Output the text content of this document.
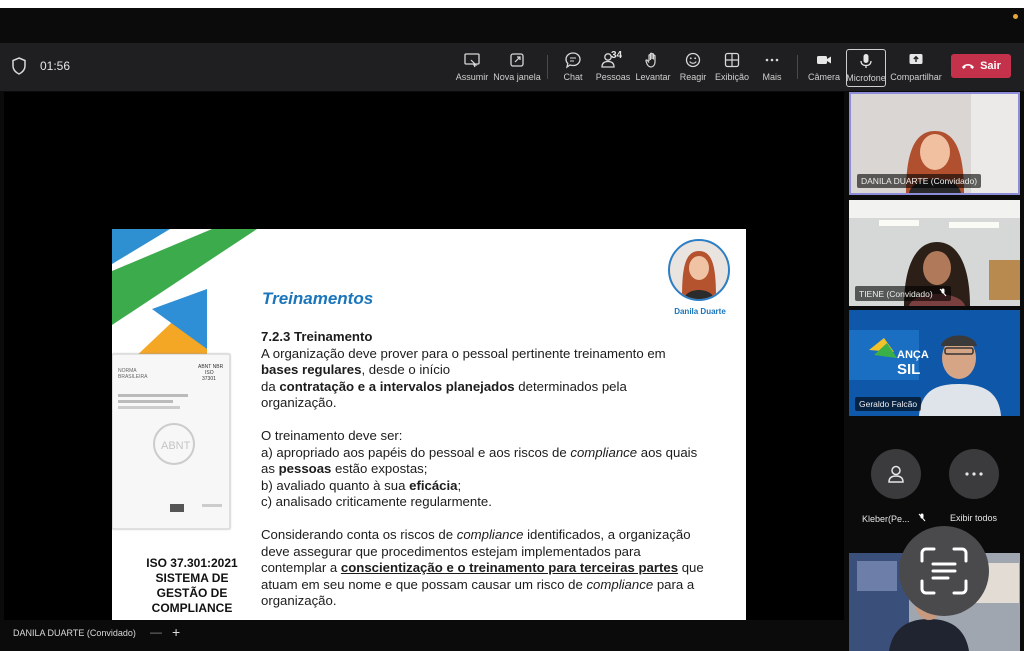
01:56
Assumir Nova janela	Chat
34
Pessoas Levantar Reagir Exibição Mais	Câmera Microfone Compartilhar
Sair
NORMA
BRASILEIRA
ABNT NBR
ISO
37301
ABNT
ISO 37.301:2021
SISTEMA DE
GESTÃO DE
COMPLIANCE
Treinamentos
Danila Duarte

7.2.3 Treinamento

A organização deve prover para o pessoal pertinente treinamento em
bases regulares, desde o início
da contratação e a intervalos planejados determinados pela
organização.

O treinamento deve ser:
a) apropriado aos papéis do pessoal e aos riscos de compliance aos quais
as pessoas estão expostas;
b) avaliado quanto à sua eficácia;
c) analisado criticamente regularmente.

Considerando conta os riscos de compliance identificados, a organização
deve assegurar que procedimentos estejam implementados para
contemplar a conscientização e o treinamento para terceiras partes que
atuam em seu nome e que possam causar um risco de compliance para a
organização.

DANILA DUARTE (Convidado)
TIENE (Convidado)
ANÇA
SIL
Geraldo Falcão
Kleber(Pe...	Exibir todos
DANILA DUARTE (Convidado) — +
